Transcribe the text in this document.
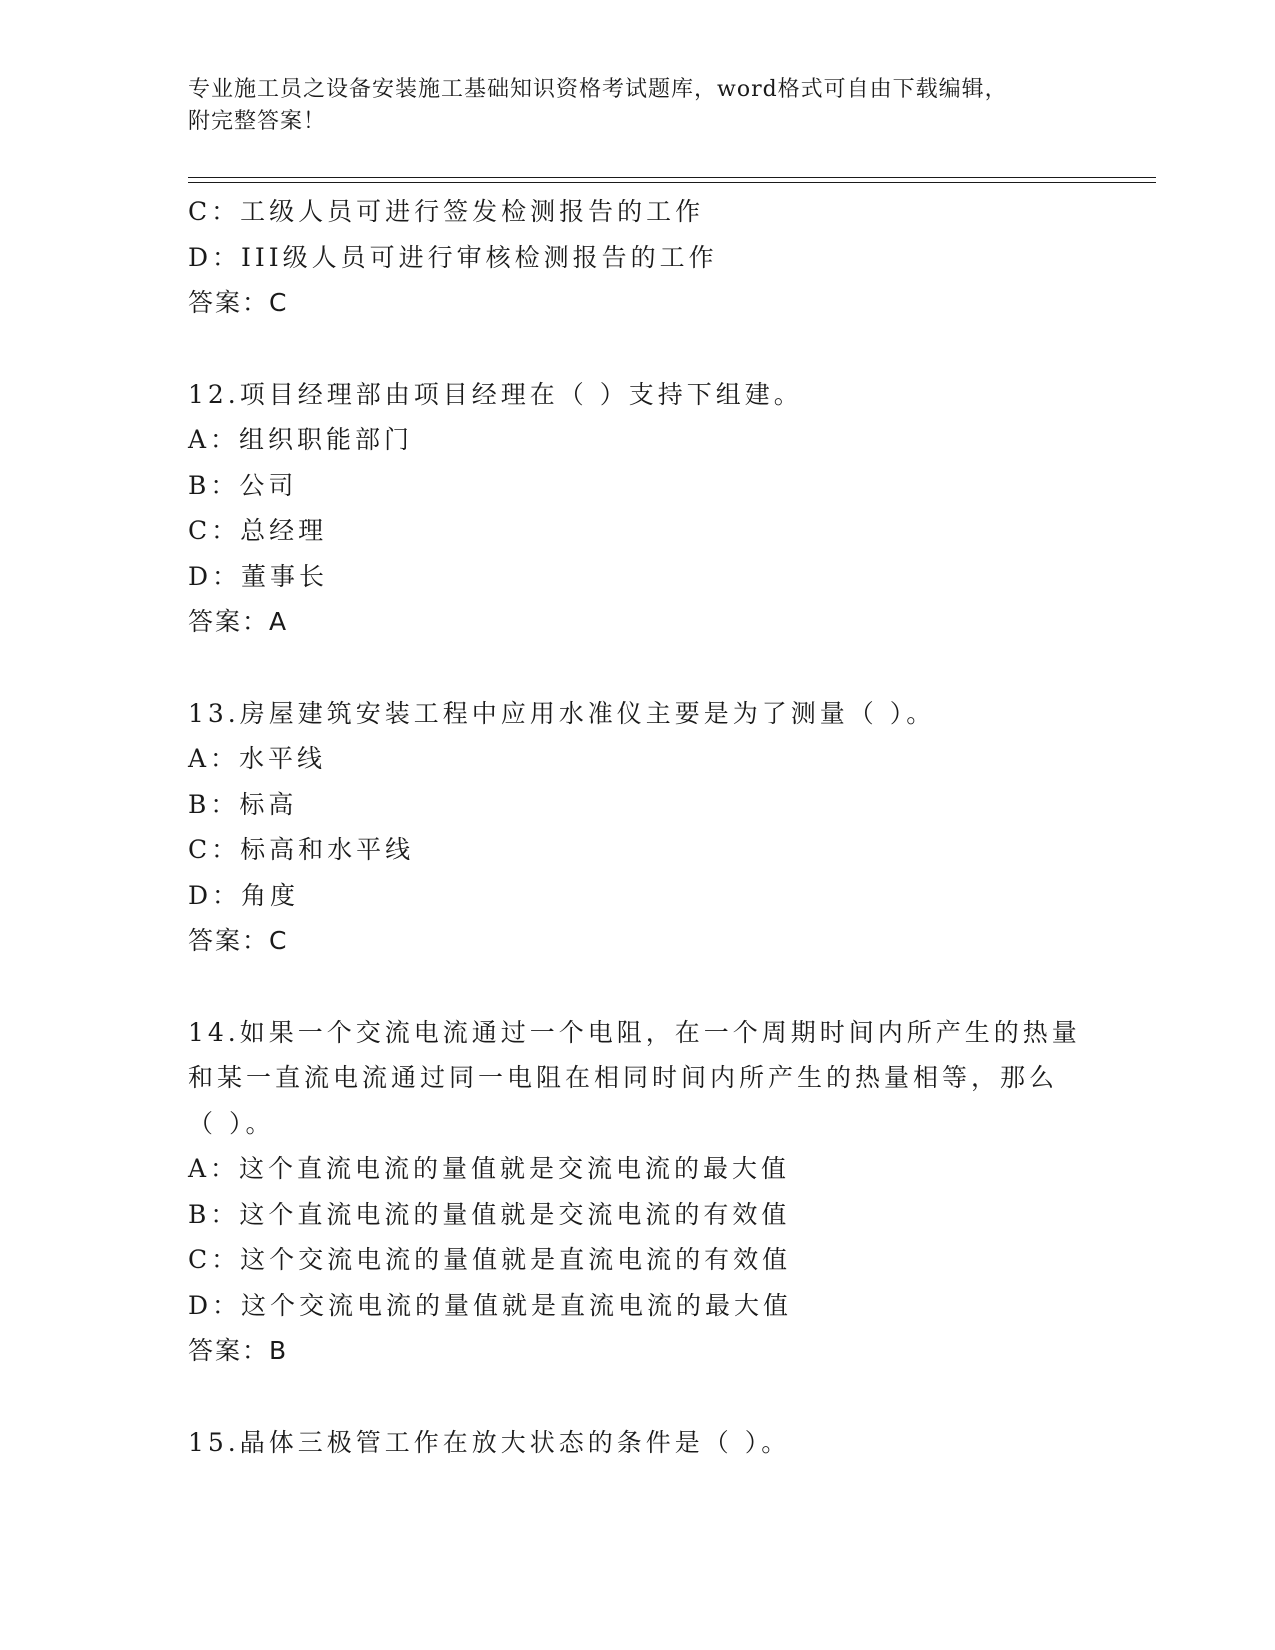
专业施工员之设备安装施工基础知识资格考试题库，word格式可自由下载编辑，
附完整答案！
C：工级人员可进行签发检测报告的工作
D：III级人员可进行审核检测报告的工作
答案：C
12.项目经理部由项目经理在（ ）支持下组建。
A：组织职能部门
B：公司
C：总经理
D：董事长
答案：A
13.房屋建筑安装工程中应用水准仪主要是为了测量（ ）。
A：水平线
B：标高
C：标高和水平线
D：角度
答案：C
14.如果一个交流电流通过一个电阻，在一个周期时间内所产生的热量
和某一直流电流通过同一电阻在相同时间内所产生的热量相等，那么
（ ）。
A：这个直流电流的量值就是交流电流的最大值
B：这个直流电流的量值就是交流电流的有效值
C：这个交流电流的量值就是直流电流的有效值
D：这个交流电流的量值就是直流电流的最大值
答案：B
15.晶体三极管工作在放大状态的条件是（ ）。
